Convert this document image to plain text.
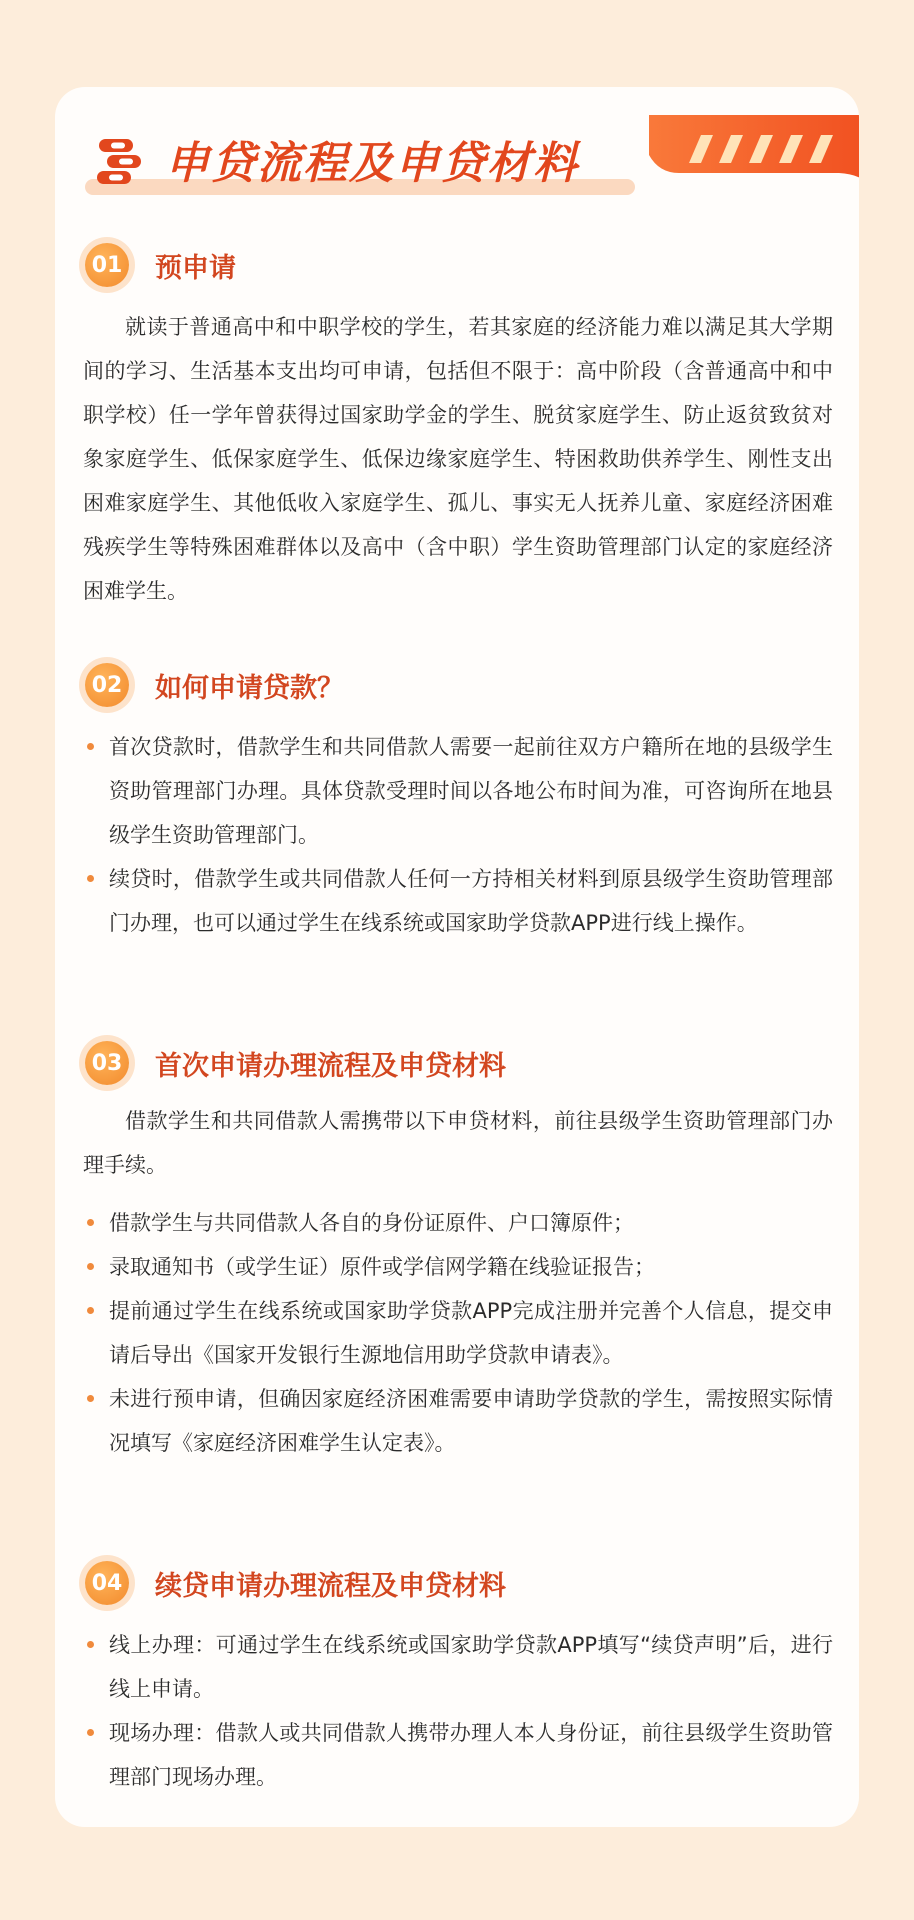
申贷流程及申贷材料
01 预申请

就读于普通高中和中职学校的学生，若其家庭的经济能力难以满足其大学期间的学习、生活基本支出均可申请，包括但不限于：高中阶段（含普通高中和中职学校）任一学年曾获得过国家助学金的学生、脱贫家庭学生、防止返贫致贫对象家庭学生、低保家庭学生、低保边缘家庭学生、特困救助供养学生、刚性支出困难家庭学生、其他低收入家庭学生、孤儿、事实无人抚养儿童、家庭经济困难残疾学生等特殊困难群体以及高中（含中职）学生资助管理部门认定的家庭经济困难学生。

02 如何申请贷款？
首次贷款时，借款学生和共同借款人需要一起前往双方户籍所在地的县级学生资助管理部门办理。具体贷款受理时间以各地公布时间为准，可咨询所在地县级学生资助管理部门。
续贷时，借款学生或共同借款人任何一方持相关材料到原县级学生资助管理部门办理，也可以通过学生在线系统或国家助学贷款APP进行线上操作。
03 首次申请办理流程及申贷材料

借款学生和共同借款人需携带以下申贷材料，前往县级学生资助管理部门办理手续。

借款学生与共同借款人各自的身份证原件、户口簿原件；
录取通知书（或学生证）原件或学信网学籍在线验证报告；
提前通过学生在线系统或国家助学贷款APP完成注册并完善个人信息，提交申请后导出《国家开发银行生源地信用助学贷款申请表》。
未进行预申请，但确因家庭经济困难需要申请助学贷款的学生，需按照实际情况填写《家庭经济困难学生认定表》。
04 续贷申请办理流程及申贷材料
线上办理：可通过学生在线系统或国家助学贷款APP填写“续贷声明”后，进行线上申请。
现场办理：借款人或共同借款人携带办理人本人身份证，前往县级学生资助管理部门现场办理。
